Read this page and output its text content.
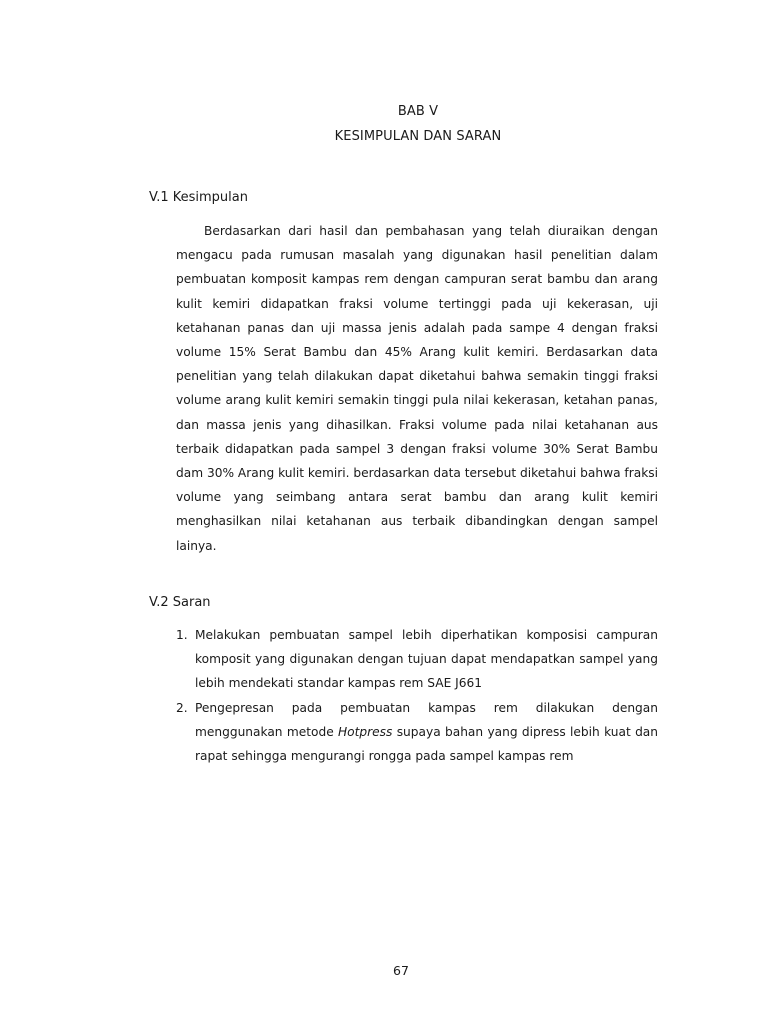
BAB V
KESIMPULAN DAN SARAN
V.1 Kesimpulan

Berdasarkan dari hasil dan pembahasan yang telah diuraikan dengan mengacu pada rumusan masalah yang digunakan hasil penelitian dalam pembuatan komposit kampas rem dengan campuran serat bambu dan arang kulit kemiri didapatkan fraksi volume tertinggi pada uji kekerasan, uji ketahanan panas dan uji massa jenis adalah pada sampe 4 dengan fraksi volume 15% Serat Bambu dan 45% Arang kulit kemiri. Berdasarkan data penelitian yang telah dilakukan dapat diketahui bahwa semakin tinggi fraksi volume arang kulit kemiri semakin tinggi pula nilai kekerasan, ketahan panas, dan massa jenis yang dihasilkan. Fraksi volume pada nilai ketahanan aus terbaik didapatkan pada sampel 3 dengan fraksi volume 30% Serat Bambu dam 30% Arang kulit kemiri. berdasarkan data tersebut diketahui bahwa fraksi volume yang seimbang antara serat bambu dan arang kulit kemiri menghasilkan nilai ketahanan aus terbaik dibandingkan dengan sampel lainya.

V.2 Saran
1. Melakukan pembuatan sampel lebih diperhatikan komposisi campuran komposit yang digunakan dengan tujuan dapat mendapatkan sampel yang lebih mendekati standar kampas rem SAE J661
2. Pengepresan pada pembuatan kampas rem dilakukan dengan menggunakan metode Hotpress supaya bahan yang dipress lebih kuat dan rapat sehingga mengurangi rongga pada sampel kampas rem
67
